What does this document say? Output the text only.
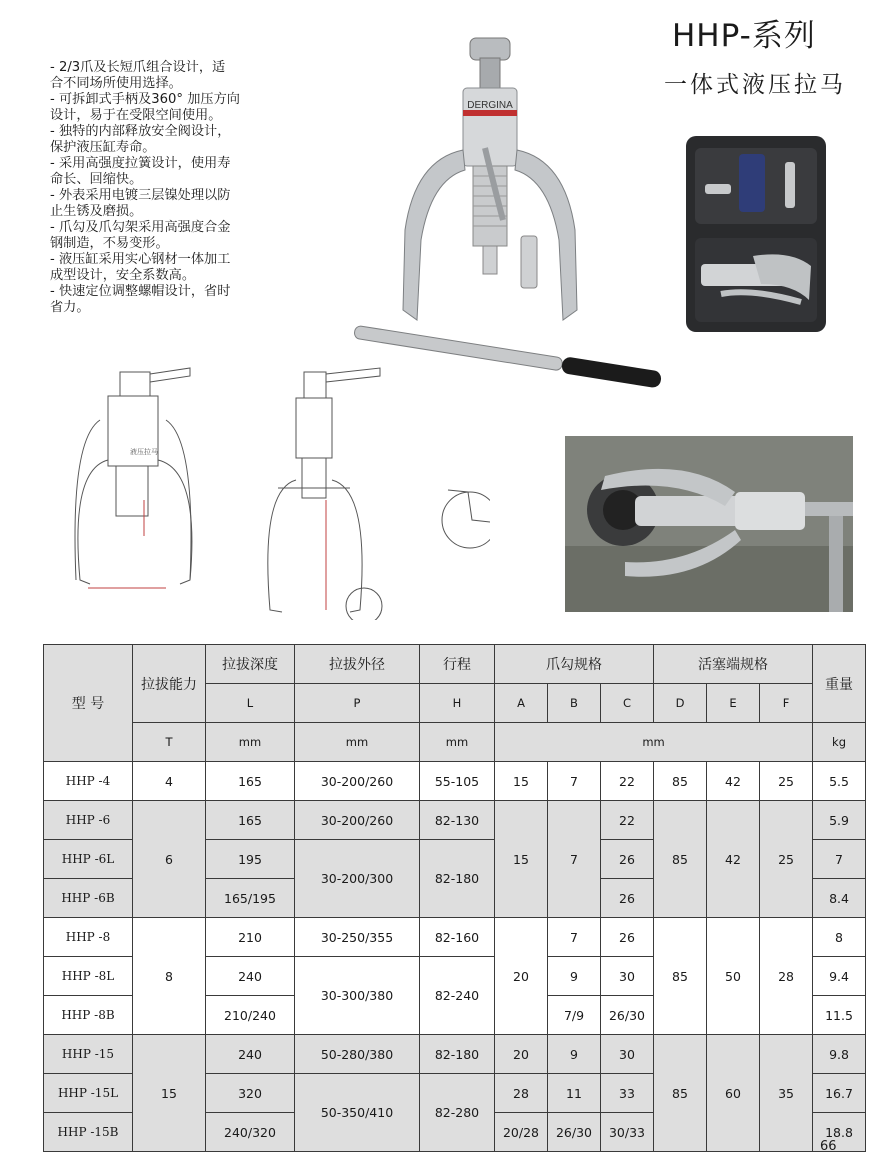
HHP-系列
一体式液压拉马
- 2/3爪及长短爪组合设计，适
合不同场所使用选择。
- 可拆卸式手柄及360° 加压方向
设计，易于在受限空间使用。
- 独特的内部释放安全阀设计，
保护液压缸寿命。
- 采用高强度拉簧设计，使用寿
命长、回缩快。
- 外表采用电镀三层镍处理以防
止生锈及磨损。
- 爪勾及爪勾架采用高强度合金
钢制造，不易变形。
- 液压缸采用实心钢材一体加工
成型设计，安全系数高。
- 快速定位调整螺帽设计，省时
省力。
DERGINA
液压拉马
型 号	拉拔能力	拉拔深度	拉拔外径	行程	爪勾规格			活塞端规格			重量
		L	P	H	A	B	C	D	E	F	
	T	mm	mm	mm	mm						kg
HHP -4	4	165	30-200/260	55-105	15	7	22	85	42	25	5.5
HHP -6	6	165	30-200/260	82-130	15	7	22	85	42	25	5.9
HHP -6L		195	30-200/300	82-180			26				7
HHP -6B		165/195					26				8.4
HHP -8	8	210	30-250/355	82-160	20	7	26	85	50	28	8
HHP -8L		240	30-300/380	82-240		9	30				9.4
HHP -8B		210/240				7/9	26/30				11.5
HHP -15	15	240	50-280/380	82-180	20	9	30	85	60	35	9.8
HHP -15L		320	50-350/410	82-280	28	11	33				16.7
HHP -15B		240/320			20/28	26/30	30/33				18.8
66
